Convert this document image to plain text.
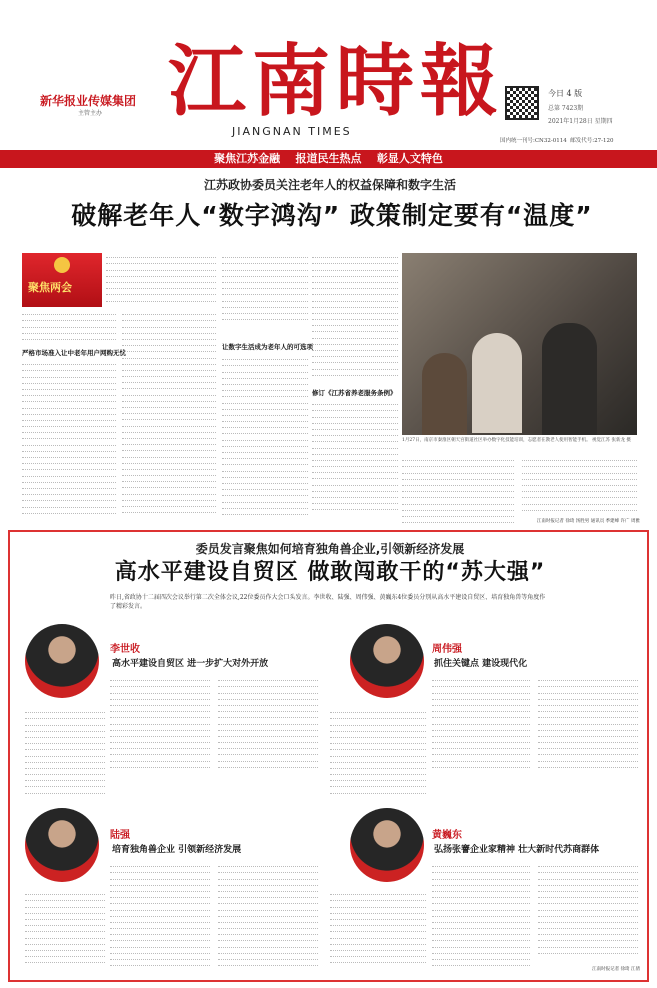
新华报业传媒集团
主管主办 江南時報
JIANGNAN TIMES
今日 4 版
总第 7423期
2021年1月28日 星期四
国内统一刊号:CN32-0114 邮发代号:27-120
聚焦江苏金融 报道民生热点 彰显人文特色
江苏政协委员关注老年人的权益保障和数字生活
破解老年人“数字鸿沟” 政策制定要有“温度”
聚焦两会
严格市场准入让中老年用户网购无忧
让数字生活成为老年人的可选项
修订《江苏省养老服务条例》
1月27日，南京市秦淮区朝天宫街道社区举办数字化技能培训，志愿者在教老人使用智能手机。 视觉江苏 张新龙 摄
江南时报记者 徐琦 汤胜男 通讯员 季建峰 许广 周雅
委员发言聚焦如何培育独角兽企业,引领新经济发展
高水平建设自贸区 做敢闯敢干的“苏大强”
昨日,省政协十二届四次会议举行第二次全体会议,22位委员作大会口头发言。李世收、陆强、周伟强、黄巍东4位委员分别从高水平建设自贸区、培育独角兽等角度作了精彩发言。
李世收
高水平建设自贸区 进一步扩大对外开放
周伟强
抓住关键点 建设现代化
陆强
培育独角兽企业 引领新经济发展
黄巍东
弘扬张謇企业家精神 壮大新时代苏商群体
江南时报记者 徐琦 江倩
